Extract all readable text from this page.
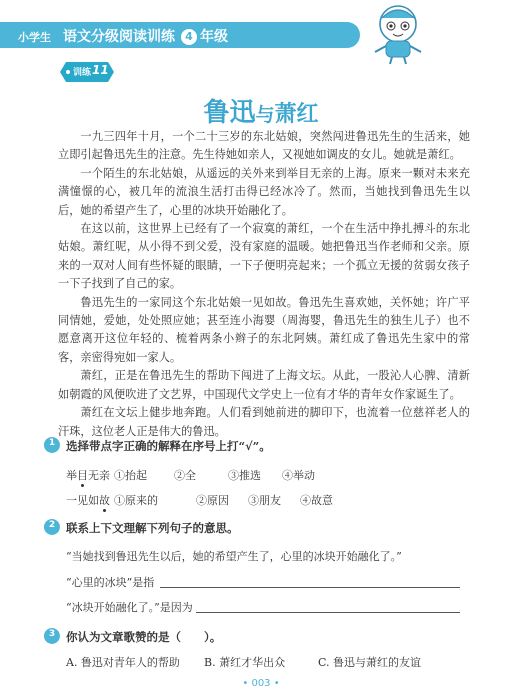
小学生 语文分级阅读训练 4 年级
训练 11
鲁迅与萧红

一九三四年十月，一个二十三岁的东北姑娘，突然闯进鲁迅先生的生活来，她立即引起鲁迅先生的注意。先生待她如亲人，又视她如调皮的女儿。她就是萧红。

一个陌生的东北姑娘，从遥远的关外来到举目无亲的上海。原来一颗对未来充满憧憬的心，被几年的流浪生活打击得已经冰冷了。然而，当她找到鲁迅先生以后，她的希望产生了，心里的冰块开始融化了。

在这以前，这世界上已经有了一个寂寞的萧红，一个在生活中挣扎搏斗的东北姑娘。萧红呢，从小得不到父爱，没有家庭的温暖。她把鲁迅当作老师和父亲。原来的一双对人间有些怀疑的眼睛，一下子便明亮起来；一个孤立无援的贫弱女孩子一下子找到了自己的家。

鲁迅先生的一家同这个东北姑娘一见如故。鲁迅先生喜欢她，关怀她；许广平同情她，爱她，处处照应她；甚至连小海婴（周海婴，鲁迅先生的独生儿子）也不愿意离开这位年轻的、梳着两条小辫子的东北阿姨。萧红成了鲁迅先生家中的常客，亲密得宛如一家人。

萧红，正是在鲁迅先生的帮助下闯进了上海文坛。从此，一股沁人心脾、清新如朝霞的风便吹进了文艺界，中国现代文学史上一位有才华的青年女作家诞生了。

萧红在文坛上健步地奔跑。人们看到她前进的脚印下，也流着一位慈祥老人的汗珠，这位老人正是伟大的鲁迅。

1 选择带点字正确的解释在序号上打“√”。
举目无亲 ①抬起 ②全	③推选 ④举动
一见如故 ①原来的	②原因 ③朋友 ④故意
2 联系上下文理解下列句子的意思。
“当她找到鲁迅先生以后，她的希望产生了，心里的冰块开始融化了。”
“心里的冰块”是指
“冰块开始融化了。”是因为
3 你认为文章歌赞的是（　　）。
A. 鲁迅对青年人的帮助 B. 萧红才华出众	C. 鲁迅与萧红的友谊
• 003 •
